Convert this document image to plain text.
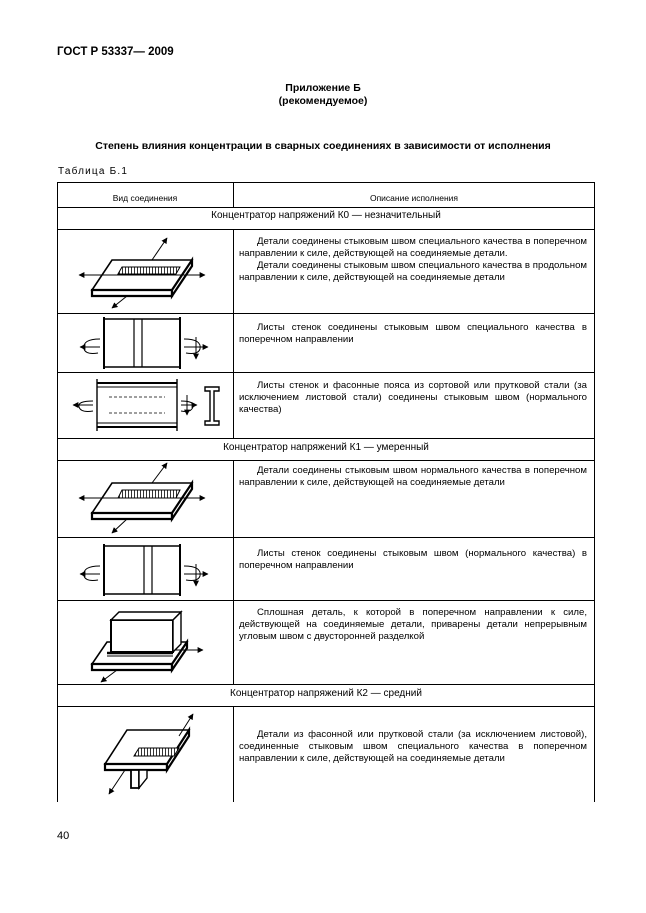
ГОСТ Р 53337— 2009
Приложение Б
(рекомендуемое)
Степень влияния концентрации в сварных соединениях в зависимости от исполнения
Таблица Б.1
Вид соединения	Описание исполнения
Концентратор напряжений К0 — незначительный
Концентратор напряжений К1 — умеренный
Концентратор напряжений К2 — средний

Детали соединены стыковым швом специального качества в поперечном направлении к силе, действующей на соединяемые детали.

Детали соединены стыковым швом специального качества в продольном направлении к силе, действующей на соединяемые детали

Листы стенок соединены стыковым швом специального качества в поперечном направлении

Листы стенок и фасонные пояса из сортовой или прутковой стали (за исключением листовой стали) соединены стыковым швом (нормального качества)

Детали соединены стыковым швом нормального качества в поперечном направлении к силе, действующей на соединяемые детали

Листы стенок соединены стыковым швом (нормального качества) в поперечном направлении

Сплошная деталь, к которой в поперечном направлении к силе, действующей на соединяемые детали, приварены детали непрерывным угловым швом с двусторонней разделкой

Детали из фасонной или прутковой стали (за исключением листовой), соединенные стыковым швом специального качества в поперечном направлении к силе, действующей на соединяемые детали

40
